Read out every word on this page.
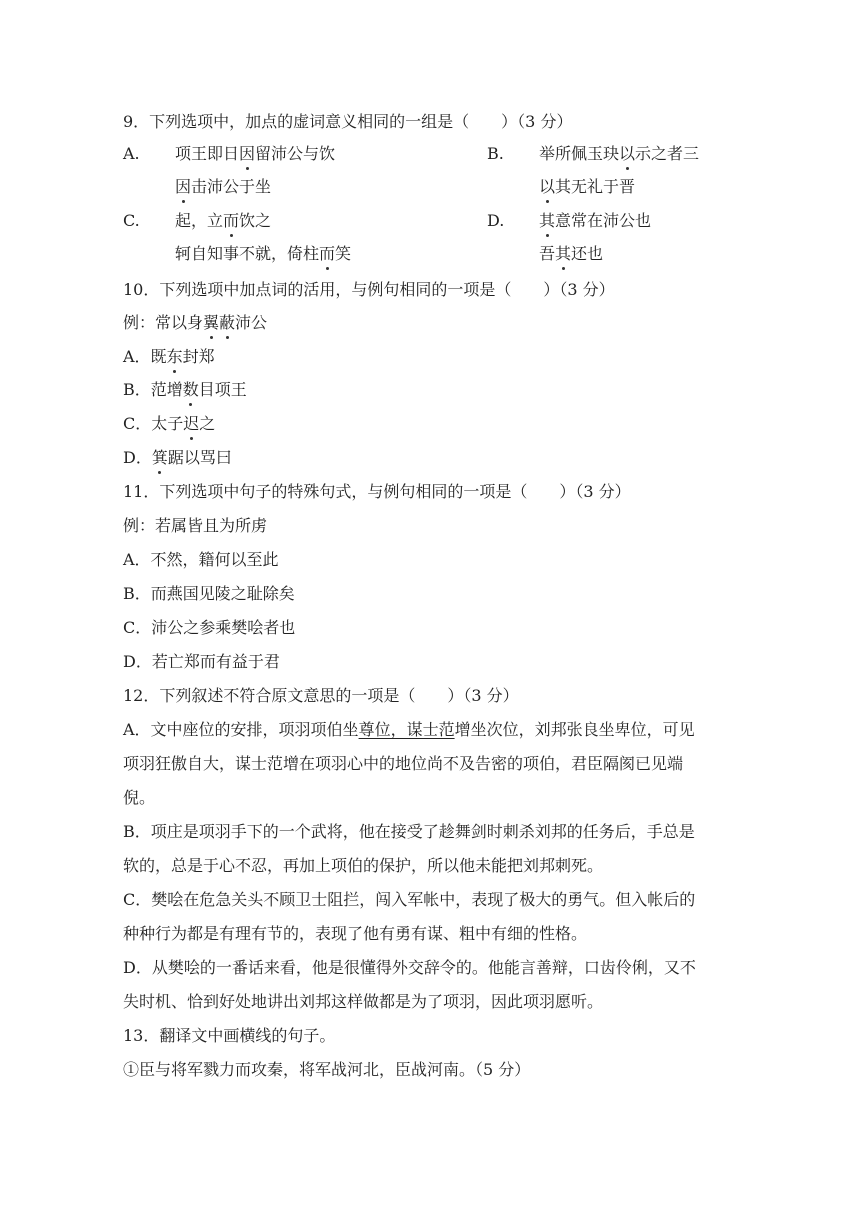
9．下列选项中，加点的虚词意义相同的一组是（　　）（3 分）
A. 项王即日因留沛公与饮
因击沛公于坐
B. 举所佩玉玦以示之者三
以其无礼于晋
C. 起，立而饮之
轲自知事不就，倚柱而笑
D. 其意常在沛公也
吾其还也
10．下列选项中加点词的活用，与例句相同的一项是（　　）（3 分）
例：常以身翼蔽沛公
A．既东封郑
B．范增数目项王
C．太子迟之
D．箕踞以骂曰
11．下列选项中句子的特殊句式，与例句相同的一项是（　　）（3 分）
例：若属皆且为所虏
A．不然，籍何以至此
B．而燕国见陵之耻除矣
C．沛公之参乘樊哙者也
D．若亡郑而有益于君
12．下列叙述不符合原文意思的一项是（　　）（3 分）
A．文中座位的安排，项羽项伯坐尊位，谋士范增坐次位，刘邦张良坐卑位，可见
项羽狂傲自大，谋士范增在项羽心中的地位尚不及告密的项伯，君臣隔阂已见端
倪。
B．项庄是项羽手下的一个武将，他在接受了趁舞剑时刺杀刘邦的任务后，手总是
软的，总是于心不忍，再加上项伯的保护，所以他未能把刘邦刺死。
C．樊哙在危急关头不顾卫士阻拦，闯入军帐中，表现了极大的勇气。但入帐后的
种种行为都是有理有节的，表现了他有勇有谋、粗中有细的性格。
D．从樊哙的一番话来看，他是很懂得外交辞令的。他能言善辩，口齿伶俐，又不
失时机、恰到好处地讲出刘邦这样做都是为了项羽，因此项羽愿听。
13．翻译文中画横线的句子。
①臣与将军戮力而攻秦，将军战河北，臣战河南。（5 分）
